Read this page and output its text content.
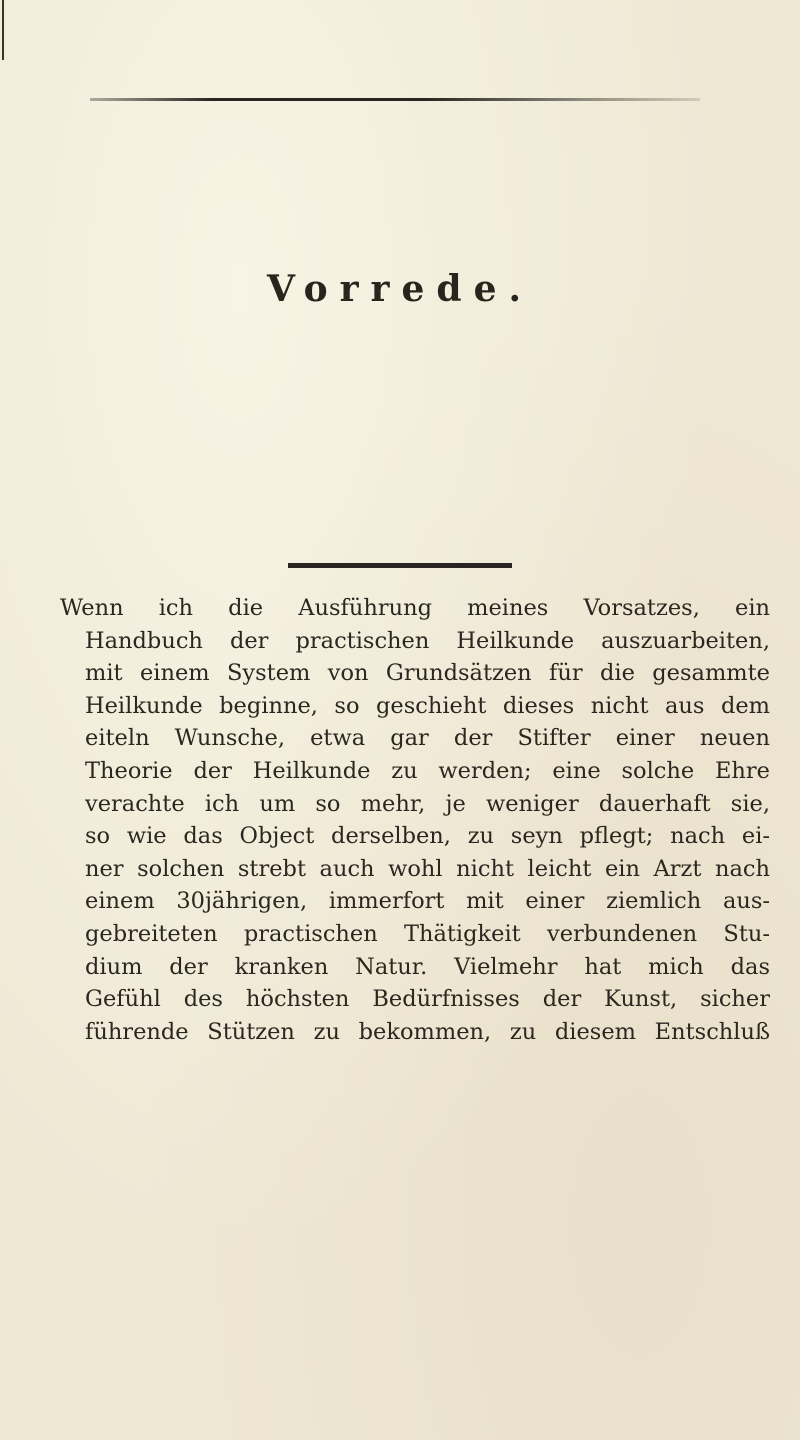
Vorrede.
Wenn ich die Ausführung meines Vorsatzes, ein
Handbuch der practischen Heilkunde auszuarbeiten,
mit einem System von Grundsätzen für die gesammte
Heilkunde beginne, so geschieht dieses nicht aus dem
eiteln Wunsche, etwa gar der Stifter einer neuen
Theorie der Heilkunde zu werden; eine solche Ehre
verachte ich um so mehr, je weniger dauerhaft sie,
so wie das Object derselben, zu seyn pflegt; nach ei-
ner solchen strebt auch wohl nicht leicht ein Arzt nach
einem 30jährigen, immerfort mit einer ziemlich aus-
gebreiteten practischen Thätigkeit verbundenen Stu-
dium der kranken Natur. Vielmehr hat mich das
Gefühl des höchsten Bedürfnisses der Kunst, sicher
führende Stützen zu bekommen, zu diesem Entschluß
